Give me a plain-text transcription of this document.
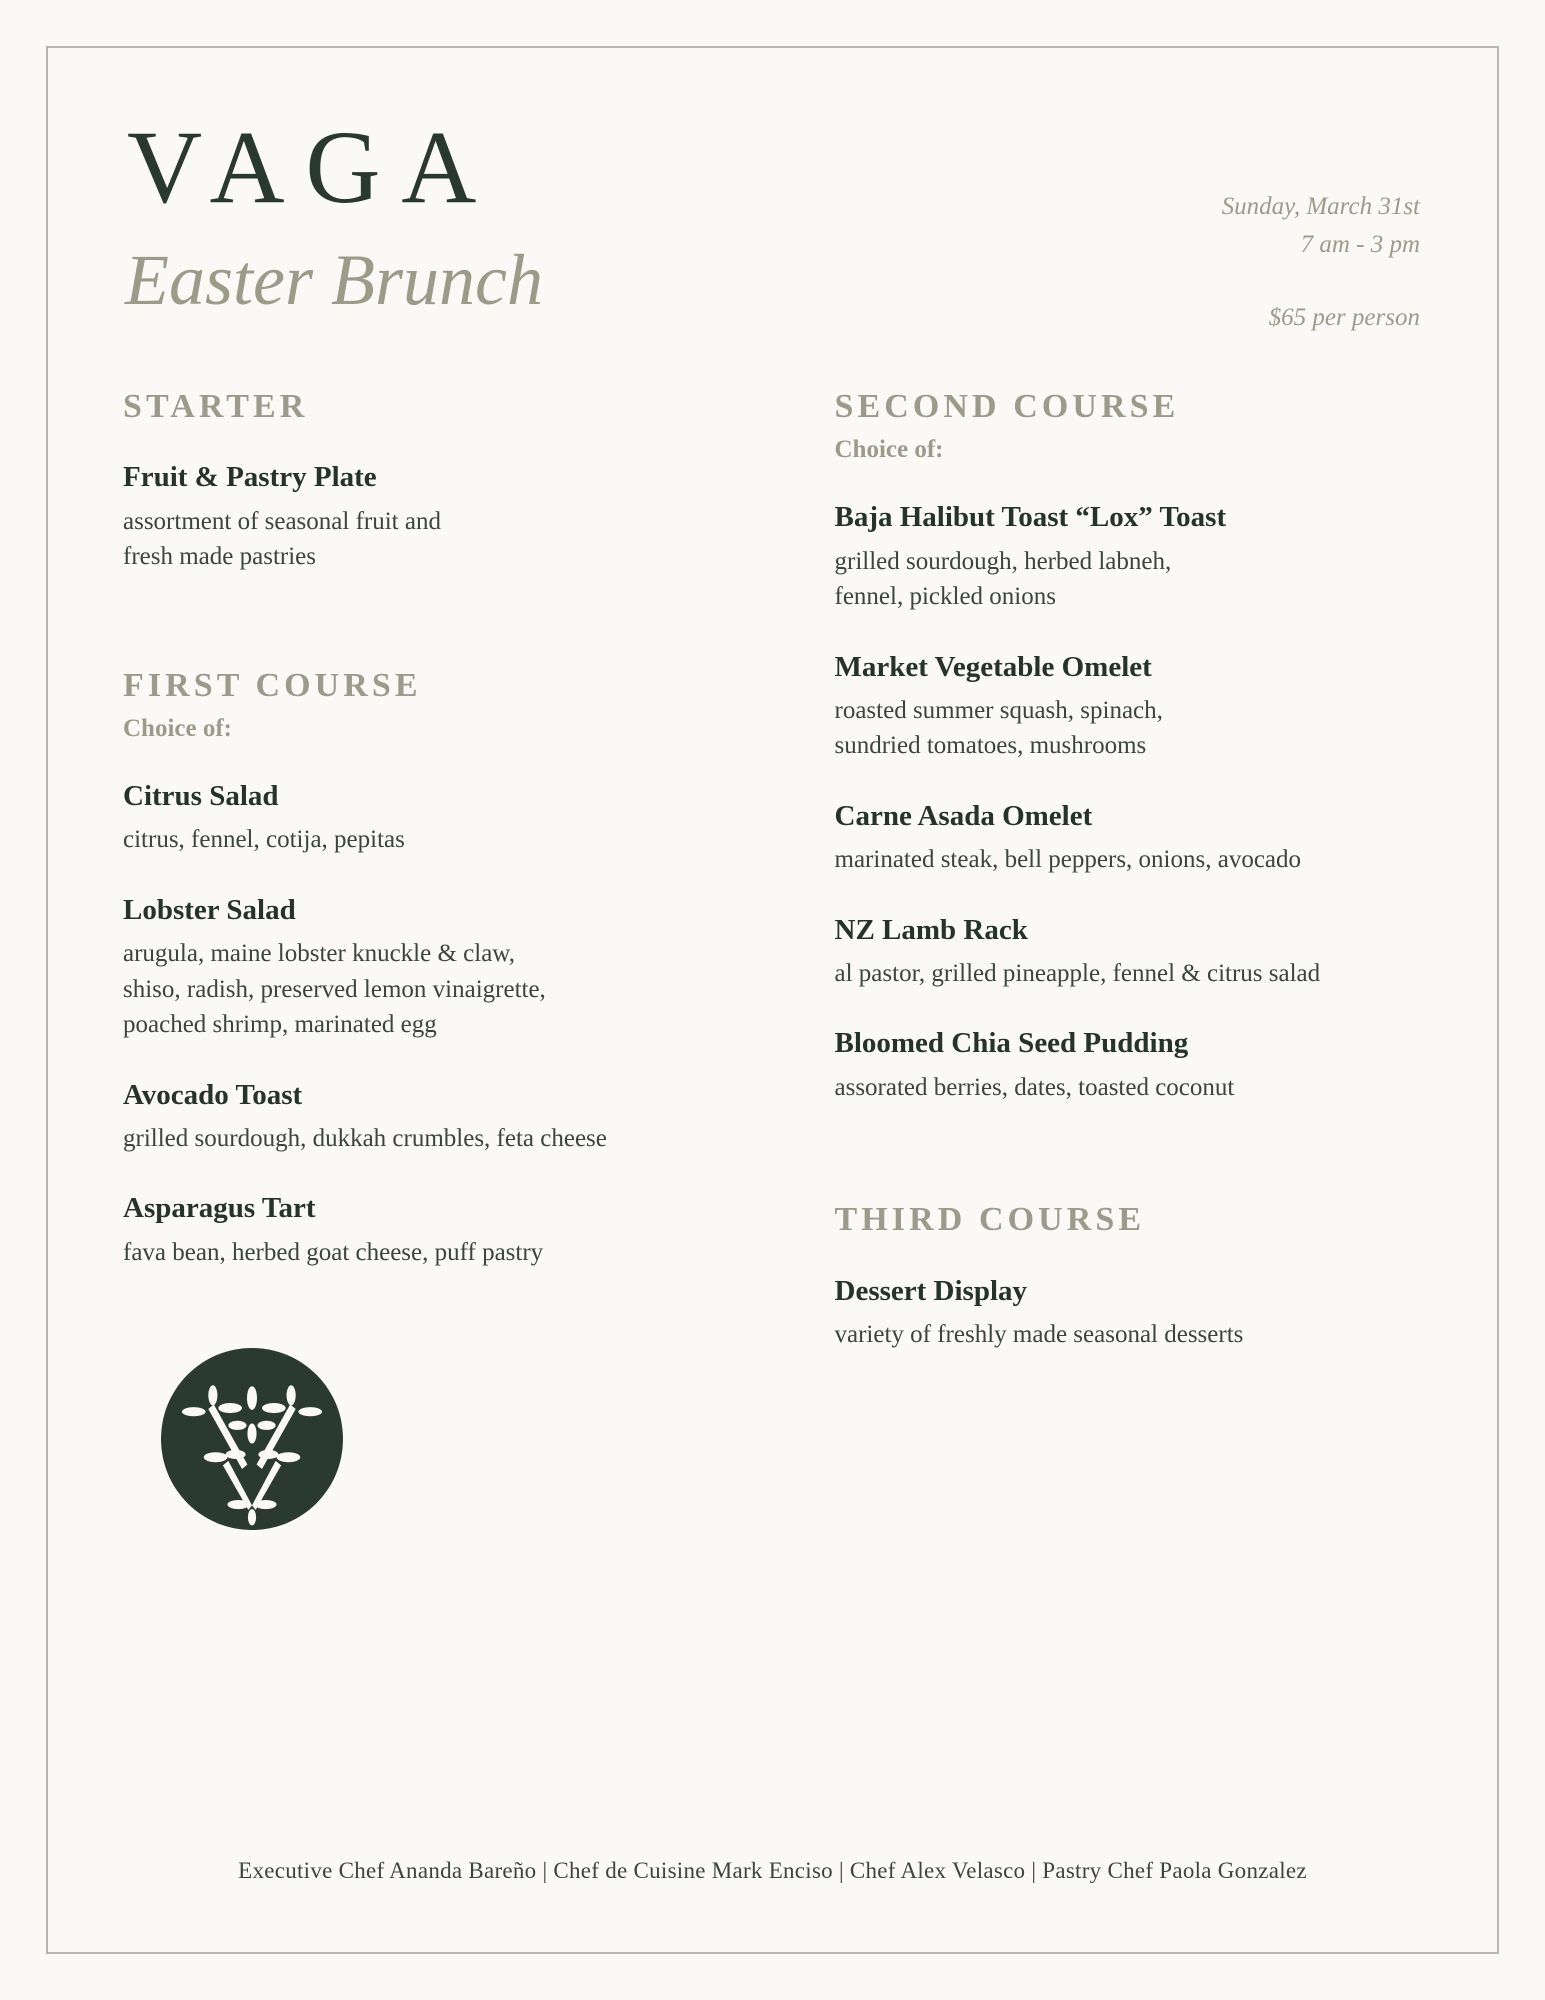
VAGA
Easter Brunch
Sunday, March 31st
7 am - 3 pm
$65 per person
STARTER
Fruit & Pastry Plate
assortment of seasonal fruit and
fresh made pastries
FIRST COURSE
Choice of:
Citrus Salad
citrus, fennel, cotija, pepitas
Lobster Salad
arugula, maine lobster knuckle & claw,
shiso, radish, preserved lemon vinaigrette,
poached shrimp, marinated egg
Avocado Toast
grilled sourdough, dukkah crumbles, feta cheese
Asparagus Tart
fava bean, herbed goat cheese, puff pastry
SECOND COURSE
Choice of:
Baja Halibut Toast “Lox” Toast
grilled sourdough, herbed labneh,
fennel, pickled onions
Market Vegetable Omelet
roasted summer squash, spinach,
sundried tomatoes, mushrooms
Carne Asada Omelet
marinated steak, bell peppers, onions, avocado
NZ Lamb Rack
al pastor, grilled pineapple, fennel & citrus salad
Bloomed Chia Seed Pudding
assorated berries, dates, toasted coconut
THIRD COURSE
Dessert Display
variety of freshly made seasonal desserts
Executive Chef Ananda Bareño | Chef de Cuisine Mark Enciso | Chef Alex Velasco | Pastry Chef Paola Gonzalez
